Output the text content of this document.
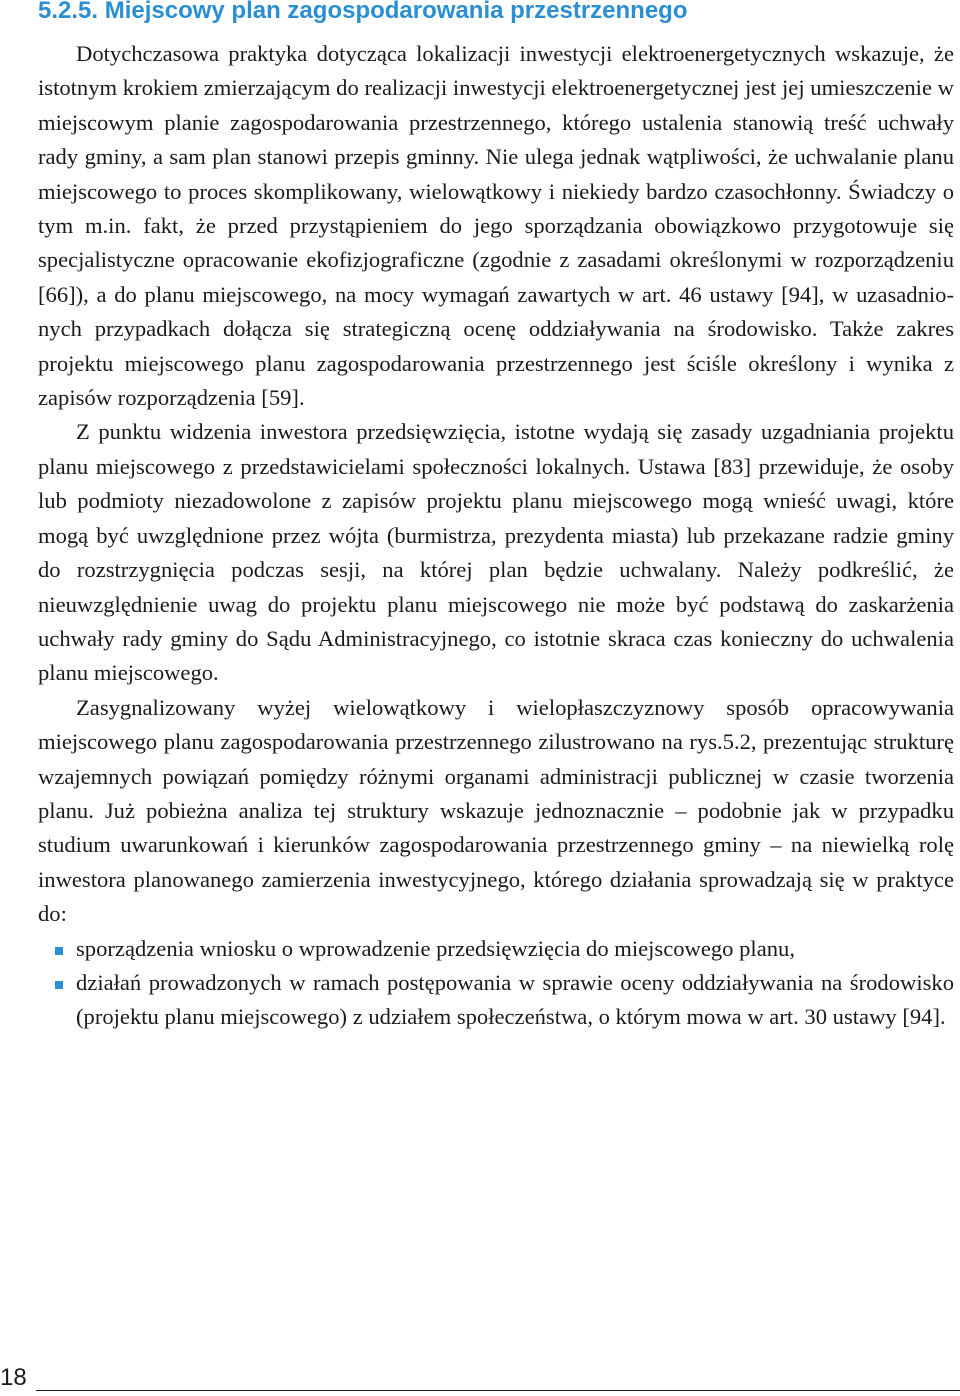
5.2.5. Miejscowy plan zagospodarowania przestrzennego

Dotychczasowa praktyka dotycząca lokalizacji inwestycji elektroenergetycznych wskazuje, że istotnym krokiem zmierzającym do realizacji inwestycji elektroenergetycznej jest jej umieszczenie w miejscowym planie zagospodarowania przestrzennego, którego ustalenia stanowią treść uchwały rady gminy, a sam plan stanowi przepis gminny. Nie ulega jednak wątpliwości, że uchwalanie planu miejscowego to proces skomplikowany, wielowątkowy i niekiedy bardzo czasochłonny. Świadczy o tym m.in. fakt, że przed przystąpieniem do jego sporządzania obowiązkowo przygotowuje się specjalistyczne opracowanie ekofizjograficzne (zgodnie z zasadami określonymi w rozporządzeniu [66]), a do planu miejscowego, na mocy wymagań zawartych w art. 46 ustawy [94], w uzasadnionych przypadkach dołącza się strategiczną ocenę oddziaływania na środowisko. Także zakres projektu miejscowego planu zagospodarowania przestrzennego jest ściśle określony i wynika z zapisów rozporządzenia [59].

Z punktu widzenia inwestora przedsięwzięcia, istotne wydają się zasady uzgadniania projektu planu miejscowego z przedstawicielami społeczności lokalnych. Ustawa [83] przewiduje, że osoby lub podmioty niezadowolone z zapisów projektu planu miejscowego mogą wnieść uwagi, które mogą być uwzględnione przez wójta (burmistrza, prezydenta miasta) lub przekazane radzie gminy do rozstrzygnięcia podczas sesji, na której plan będzie uchwalany. Należy podkreślić, że nieuwzględnienie uwag do projektu planu miejscowego nie może być podstawą do zaskarżenia uchwały rady gminy do Sądu Administracyjnego, co istotnie skraca czas konieczny do uchwalenia planu miejscowego.

Zasygnalizowany wyżej wielowątkowy i wielopłaszczyznowy sposób opracowywania miejscowego planu zagospodarowania przestrzennego zilustrowano na rys.5.2, prezentując strukturę wzajemnych powiązań pomiędzy różnymi organami administracji publicznej w czasie tworzenia planu. Już pobieżna analiza tej struktury wskazuje jednoznacznie – podobnie jak w przypadku studium uwarunkowań i kierunków zagospodarowania przestrzennego gminy – na niewielką rolę inwestora planowanego zamierzenia inwestycyjnego, którego działania sprowadzają się w praktyce do:

sporządzenia wniosku o wprowadzenie przedsięwzięcia do miejscowego planu,
działań prowadzonych w ramach postępowania w sprawie oceny oddziaływania na środowisko (projektu planu miejscowego) z udziałem społeczeństwa, o którym mowa w art. 30 ustawy [94].
18
